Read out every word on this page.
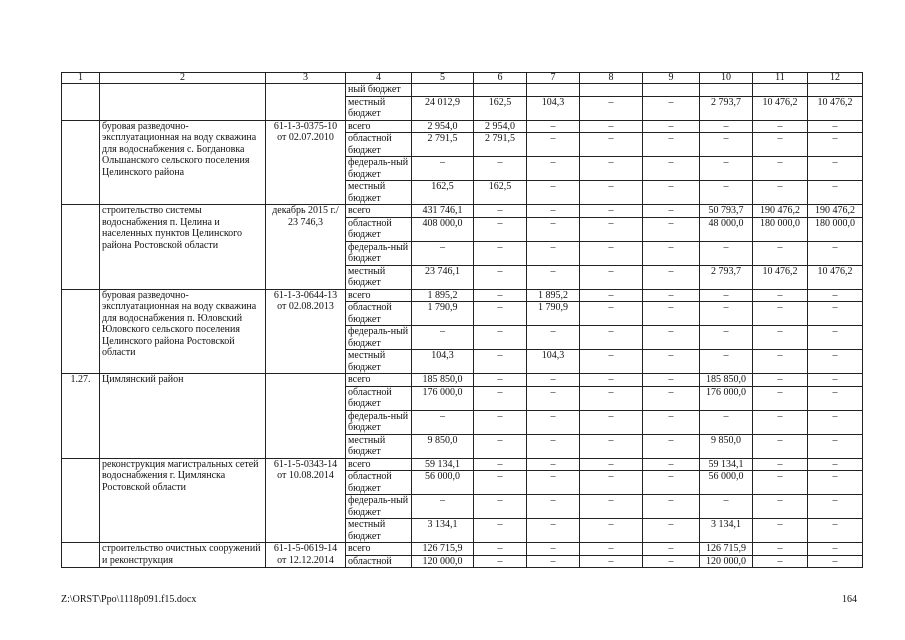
1	2	3	4	5	6	7	8	9	10	11	12
			ный бюджет								
			местный бюджет	24 012,9	162,5	104,3	–	–	2 793,7	10 476,2	10 476,2
	буровая разведочно-эксплуатационная на воду скважина для водоснабжения с. Богдановка Ольшанского сельского поселения Целинского района	61-1-3-0375-10 от 02.07.2010	всего	2 954,0	2 954,0	–	–	–	–	–	–
			областной бюджет	2 791,5	2 791,5	–	–	–	–	–	–
			федераль-ный бюджет	–	–	–	–	–	–	–	–
			местный бюджет	162,5	162,5	–	–	–	–	–	–
	строительство системы водоснабжения п. Целина и населенных пунктов Целинского района Ростовской области	декабрь 2015 г./ 23 746,3	всего	431 746,1	–	–	–	–	50 793,7	190 476,2	190 476,2
			областной бюджет	408 000,0	–	–	–	–	48 000,0	180 000,0	180 000,0
			федераль-ный бюджет	–	–	–	–	–	–	–	–
			местный бюджет	23 746,1	–	–	–	–	2 793,7	10 476,2	10 476,2
	буровая разведочно-эксплуатационная на воду скважина для водоснабжения п. Юловский Юловского сельского поселения Целинского района Ростовской области	61-1-3-0644-13 от 02.08.2013	всего	1 895,2	–	1 895,2	–	–	–	–	–
			областной бюджет	1 790,9	–	1 790,9	–	–	–	–	–
			федераль-ный бюджет	–	–	–	–	–	–	–	–
			местный бюджет	104,3	–	104,3	–	–	–	–	–
1.27.	Цимлянский район		всего	185 850,0	–	–	–	–	185 850,0	–	–
			областной бюджет	176 000,0	–	–	–	–	176 000,0	–	–
			федераль-ный бюджет	–	–	–	–	–	–	–	–
			местный бюджет	9 850,0	–	–	–	–	9 850,0	–	–
	реконструкция магистральных сетей водоснабжения г. Цимлянска Ростовской области	61-1-5-0343-14 от 10.08.2014	всего	59 134,1	–	–	–	–	59 134,1	–	–
			областной бюджет	56 000,0	–	–	–	–	56 000,0	–	–
			федераль-ный бюджет	–	–	–	–	–	–	–	–
			местный бюджет	3 134,1	–	–	–	–	3 134,1	–	–
	строительство очистных сооружений и реконструкция	61-1-5-0619-14 от 12.12.2014	всего	126 715,9	–	–	–	–	126 715,9	–	–
			областной	120 000,0	–	–	–	–	120 000,0	–	–
Z:\ORST\Ppo\1118p091.f15.docx	164
